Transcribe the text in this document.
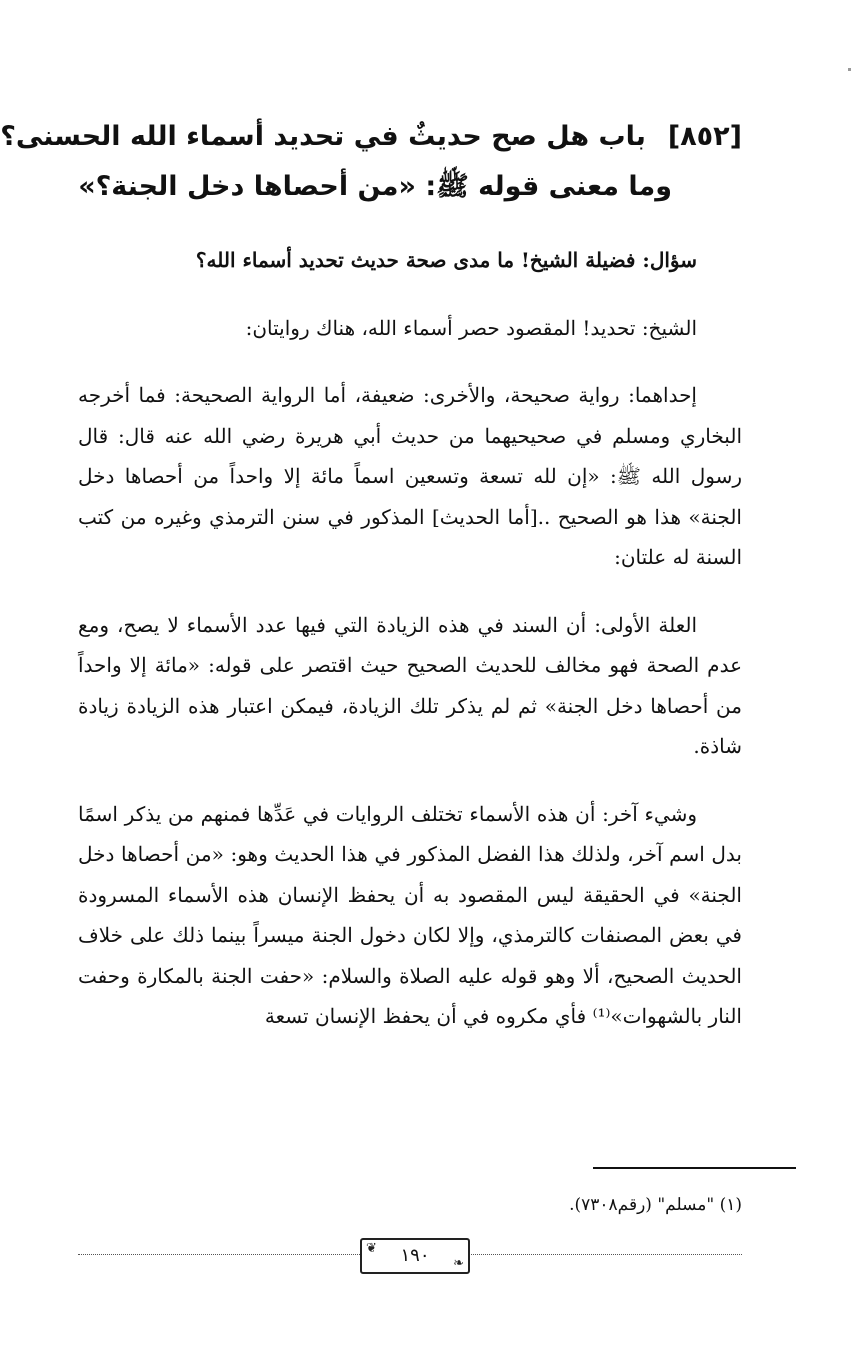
[٨٥٢]باب هل صح حديثٌ في تحديد أسماء الله الحسنى؟
وما معنى قوله ﷺ: «من أحصاها دخل الجنة؟»

سؤال: فضيلة الشيخ! ما مدى صحة حديث تحديد أسماء الله؟

الشيخ: تحديد! المقصود حصر أسماء الله، هناك روايتان:

إحداهما: رواية صحيحة، والأخرى: ضعيفة، أما الرواية الصحيحة: فما أخرجه البخاري ومسلم في صحيحيهما من حديث أبي هريرة رضي الله عنه قال: قال رسول الله ﷺ: «إن لله تسعة وتسعين اسماً مائة إلا واحداً من أحصاها دخل الجنة» هذا هو الصحيح ..[أما الحديث] المذكور في سنن الترمذي وغيره من كتب السنة له علتان:

العلة الأولى: أن السند في هذه الزيادة التي فيها عدد الأسماء لا يصح، ومع عدم الصحة فهو مخالف للحديث الصحيح حيث اقتصر على قوله: «مائة إلا واحداً من أحصاها دخل الجنة» ثم لم يذكر تلك الزيادة، فيمكن اعتبار هذه الزيادة زيادة شاذة.

وشيء آخر: أن هذه الأسماء تختلف الروايات في عَدِّها فمنهم من يذكر اسمًا بدل اسم آخر، ولذلك هذا الفضل المذكور في هذا الحديث وهو: «من أحصاها دخل الجنة» في الحقيقة ليس المقصود به أن يحفظ الإنسان هذه الأسماء المسرودة في بعض المصنفات كالترمذي، وإلا لكان دخول الجنة ميسراً بينما ذلك على خلاف الحديث الصحيح، ألا وهو قوله عليه الصلاة والسلام: «حفت الجنة بالمكارة وحفت النار بالشهوات»⁽¹⁾ فأي مكروه في أن يحفظ الإنسان تسعة

(١) "مسلم" (رقم٧٣٠٨).
❦ ١٩٠ ❧
